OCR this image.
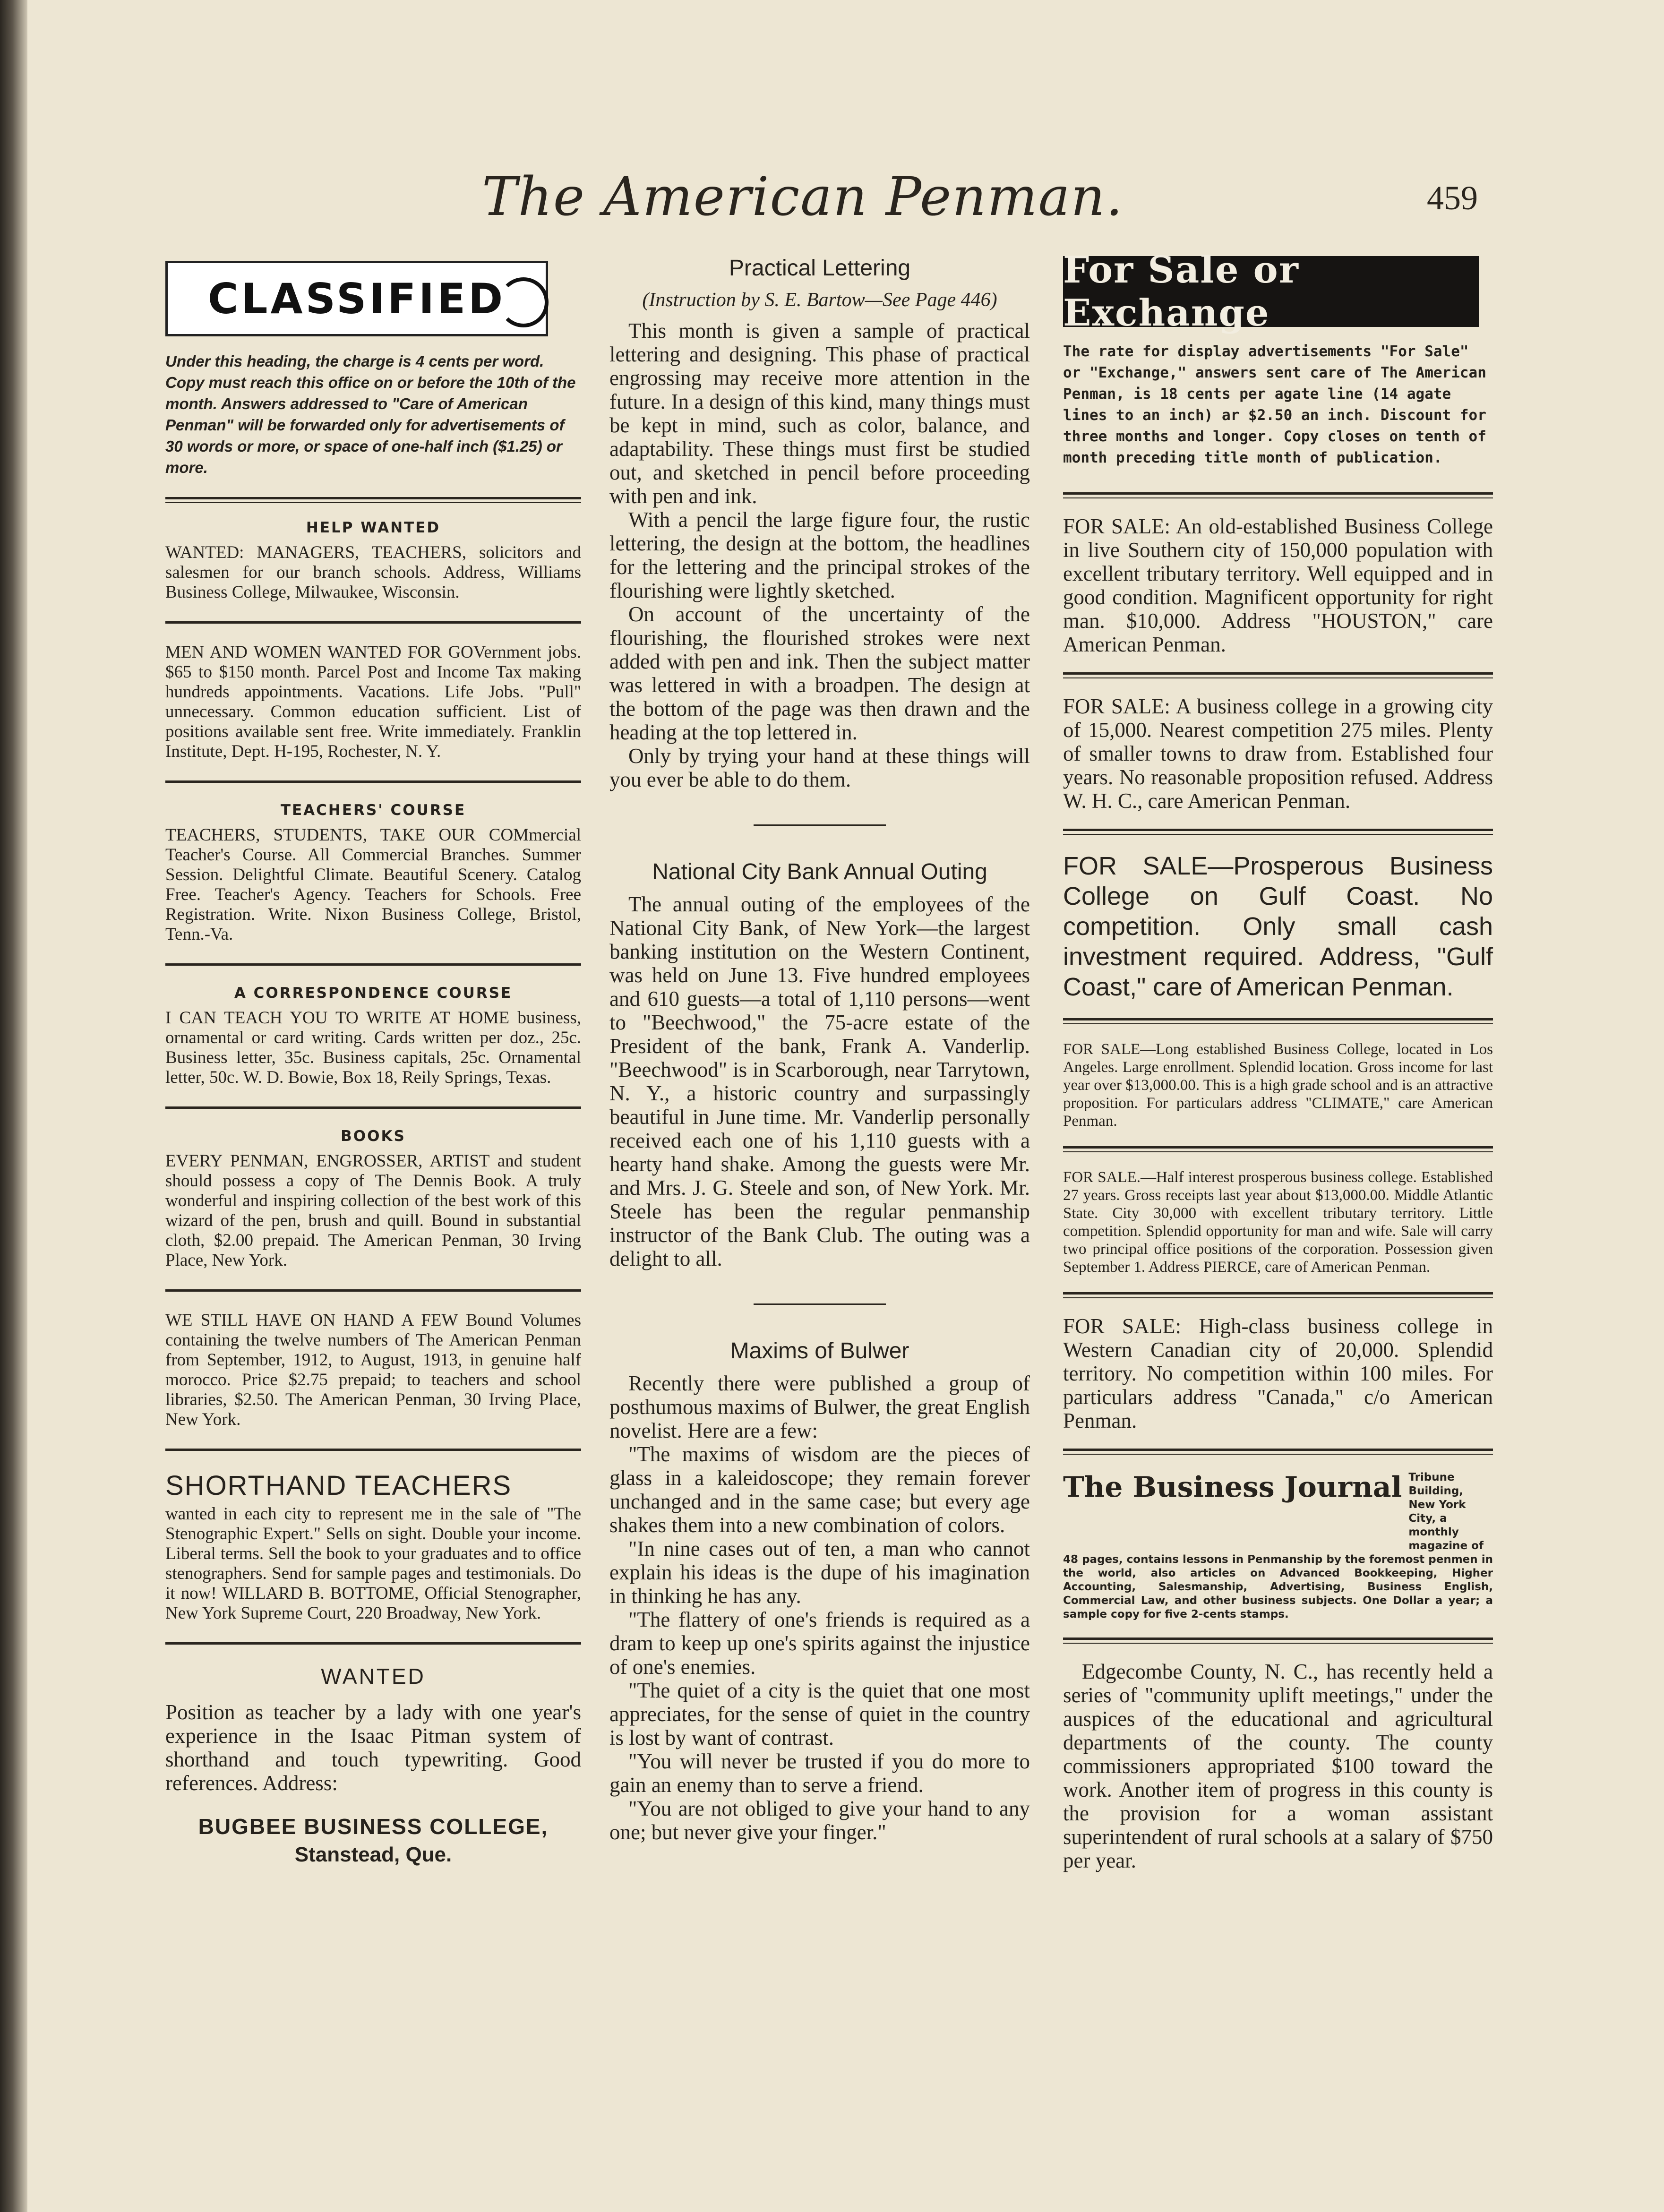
The American Penman.	459
CLASSIFIED

Under this heading, the charge is 4 cents per word. Copy must reach this office on or before the 10th of the month. Answers addressed to "Care of American Penman" will be forwarded only for advertisements of 30 words or more, or space of one-half inch ($1.25) or more.

HELP WANTED

WANTED: MANAGERS, TEACHERS, solicitors and salesmen for our branch schools. Address, Williams Business College, Milwaukee, Wisconsin.

MEN AND WOMEN WANTED FOR GOVernment jobs. $65 to $150 month. Parcel Post and Income Tax making hundreds appointments. Vacations. Life Jobs. "Pull" unnecessary. Common education sufficient. List of positions available sent free. Write immediately. Franklin Institute, Dept. H-195, Rochester, N. Y.

TEACHERS' COURSE

TEACHERS, STUDENTS, TAKE OUR COMmercial Teacher's Course. All Commercial Branches. Summer Session. Delightful Climate. Beautiful Scenery. Catalog Free. Teacher's Agency. Teachers for Schools. Free Registration. Write. Nixon Business College, Bristol, Tenn.-Va.

A CORRESPONDENCE COURSE

I CAN TEACH YOU TO WRITE AT HOME business, ornamental or card writing. Cards written per doz., 25c. Business letter, 35c. Business capitals, 25c. Ornamental letter, 50c. W. D. Bowie, Box 18, Reily Springs, Texas.

BOOKS

EVERY PENMAN, ENGROSSER, ARTIST and student should possess a copy of The Dennis Book. A truly wonderful and inspiring collection of the best work of this wizard of the pen, brush and quill. Bound in substantial cloth, $2.00 prepaid. The American Penman, 30 Irving Place, New York.

WE STILL HAVE ON HAND A FEW Bound Volumes containing the twelve numbers of The American Penman from September, 1912, to August, 1913, in genuine half morocco. Price $2.75 prepaid; to teachers and school libraries, $2.50. The American Penman, 30 Irving Place, New York.

SHORTHAND TEACHERS

wanted in each city to represent me in the sale of "The Stenographic Expert." Sells on sight. Double your income. Liberal terms. Sell the book to your graduates and to office stenographers. Send for sample pages and testimonials. Do it now! WILLARD B. BOTTOME, Official Stenographer, New York Supreme Court, 220 Broadway, New York.

WANTED

Position as teacher by a lady with one year's experience in the Isaac Pitman system of shorthand and touch typewriting. Good references. Address:

BUGBEE BUSINESS COLLEGE,
Stanstead, Que.
Practical Lettering
(Instruction by S. E. Bartow—See Page 446)

This month is given a sample of practical lettering and designing. This phase of practical engrossing may receive more attention in the future. In a design of this kind, many things must be kept in mind, such as color, balance, and adaptability. These things must first be studied out, and sketched in pencil before proceeding with pen and ink.

With a pencil the large figure four, the rustic lettering, the design at the bottom, the headlines for the lettering and the principal strokes of the flourishing were lightly sketched.

On account of the uncertainty of the flourishing, the flourished strokes were next added with pen and ink. Then the subject matter was lettered in with a broadpen. The design at the bottom of the page was then drawn and the heading at the top lettered in.

Only by trying your hand at these things will you ever be able to do them.

National City Bank Annual Outing

The annual outing of the employees of the National City Bank, of New York—the largest banking institution on the Western Continent, was held on June 13. Five hundred employees and 610 guests—a total of 1,110 persons—went to "Beechwood," the 75-acre estate of the President of the bank, Frank A. Vanderlip. "Beechwood" is in Scarborough, near Tarrytown, N. Y., a historic country and surpassingly beautiful in June time. Mr. Vanderlip personally received each one of his 1,110 guests with a hearty hand shake. Among the guests were Mr. and Mrs. J. G. Steele and son, of New York. Mr. Steele has been the regular penmanship instructor of the Bank Club. The outing was a delight to all.

Maxims of Bulwer

Recently there were published a group of posthumous maxims of Bulwer, the great English novelist. Here are a few:

"The maxims of wisdom are the pieces of glass in a kaleidoscope; they remain forever unchanged and in the same case; but every age shakes them into a new combination of colors.

"In nine cases out of ten, a man who cannot explain his ideas is the dupe of his imagination in thinking he has any.

"The flattery of one's friends is required as a dram to keep up one's spirits against the injustice of one's enemies.

"The quiet of a city is the quiet that one most appreciates, for the sense of quiet in the country is lost by want of contrast.

"You will never be trusted if you do more to gain an enemy than to serve a friend.

"You are not obliged to give your hand to any one; but never give your finger."

For Sale or Exchange

The rate for display advertisements "For Sale" or "Exchange," answers sent care of The American Penman, is 18 cents per agate line (14 agate lines to an inch) ar $2.50 an inch. Discount for three months and longer. Copy closes on tenth of month preceding title month of publication.

FOR SALE: An old-established Business College in live Southern city of 150,000 population with excellent tributary territory. Well equipped and in good condition. Magnificent opportunity for right man. $10,000. Address "HOUSTON," care American Penman.

FOR SALE: A business college in a growing city of 15,000. Nearest competition 275 miles. Plenty of smaller towns to draw from. Established four years. No reasonable proposition refused. Address W. H. C., care American Penman.

FOR SALE—Prosperous Business College on Gulf Coast. No competition. Only small cash investment required. Address, "Gulf Coast," care of American Penman.

FOR SALE—Long established Business College, located in Los Angeles. Large enrollment. Splendid location. Gross income for last year over $13,000.00. This is a high grade school and is an attractive proposition. For particulars address "CLIMATE," care American Penman.

FOR SALE.—Half interest prosperous business college. Established 27 years. Gross receipts last year about $13,000.00. Middle Atlantic State. City 30,000 with excellent tributary territory. Little competition. Splendid opportunity for man and wife. Sale will carry two principal office positions of the corporation. Possession given September 1. Address PIERCE, care of American Penman.

FOR SALE: High-class business college in Western Canadian city of 20,000. Splendid territory. No competition within 100 miles. For particulars address "Canada," c/o American Penman.

The Business Journal Tribune Building, New York City, a monthly magazine of

48 pages, contains lessons in Penmanship by the foremost penmen in the world, also articles on Advanced Bookkeeping, Higher Accounting, Salesmanship, Advertising, Business English, Commercial Law, and other business subjects. One Dollar a year; a sample copy for five 2-cents stamps.

Edgecombe County, N. C., has recently held a series of "community uplift meetings," under the auspices of the educational and agricultural departments of the county. The county commissioners appropriated $100 toward the work. Another item of progress in this county is the provision for a woman assistant superintendent of rural schools at a salary of $750 per year.
